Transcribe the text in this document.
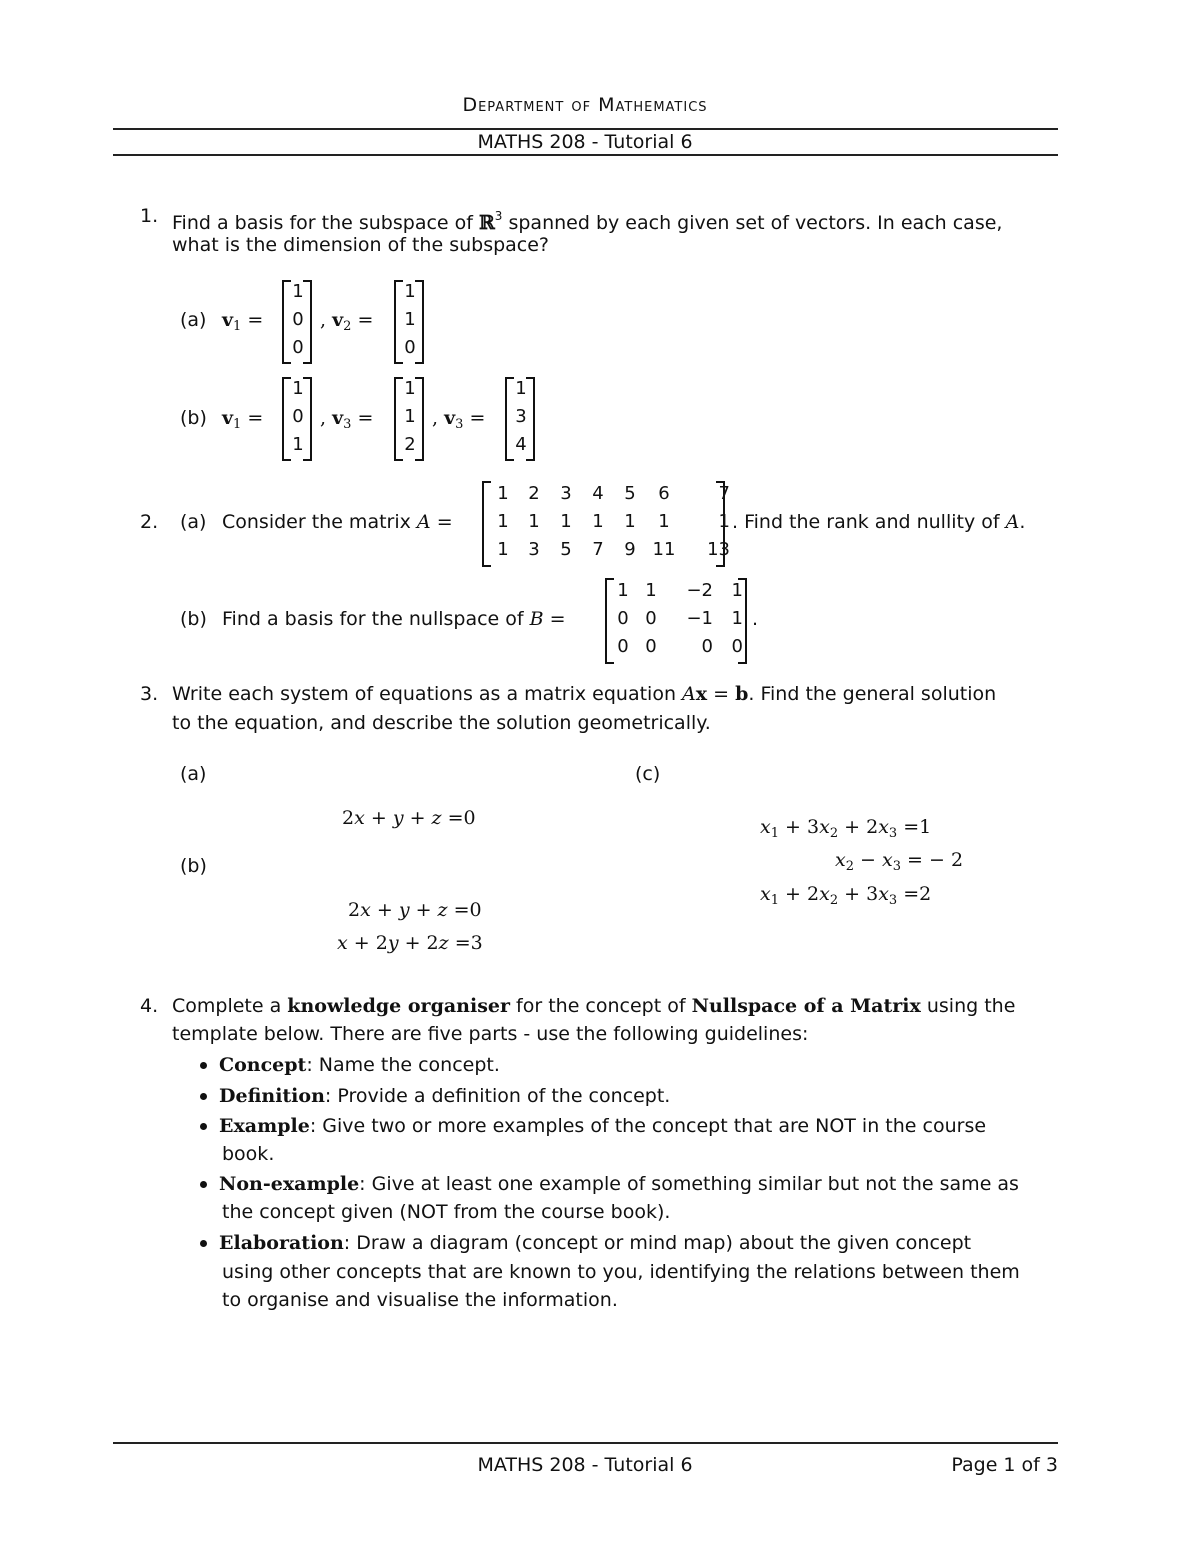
Department of Mathematics
MATHS 208 - Tutorial 6
1. Find a basis for the subspace of ℝ$^3$ spanned by each given set of vectors. In each case,
what is the dimension of the subspace?
(a) $v_1$ =
1
0
0
, $v_2$ =
1
1
0
(b) $v_1$ =
1
0
1
, $v_3$ =
1
1
2
, $v_3$ =
1
3
4
2. (a) Consider the matrix A =
1	2	3	4	5	6	7
1	1	1	1	1	1	1
1	3	5	7	9 11	13
. Find the rank and nullity of A.
(b) Find a basis for the nullspace of B =
1 1	−2	1
0 0	−1	1
0 0	0	0
.
3. Write each system of equations as a matrix equation Ax = b. Find the general solution
to the equation, and describe the solution geometrically.
(a)
2x + y + z =0
(b)
2x + y + z =0
x + 2y + 2z =3
(c)
$x_1 + 3x_2 + 2x_3 =1$
$x_2 - x_3$ = − 2
$x_1 + 2x_2 + 3x_3 =2$
4. Complete a knowledge organiser for the concept of Nullspace of a Matrix using the
template below. There are five parts - use the following guidelines:
Concept: Name the concept.
Definition: Provide a definition of the concept.
Example: Give two or more examples of the concept that are NOT in the course
book.
Non-example: Give at least one example of something similar but not the same as
the concept given (NOT from the course book).
Elaboration: Draw a diagram (concept or mind map) about the given concept
using other concepts that are known to you, identifying the relations between them
to organise and visualise the information.
MATHS 208 - Tutorial 6	Page 1 of 3
